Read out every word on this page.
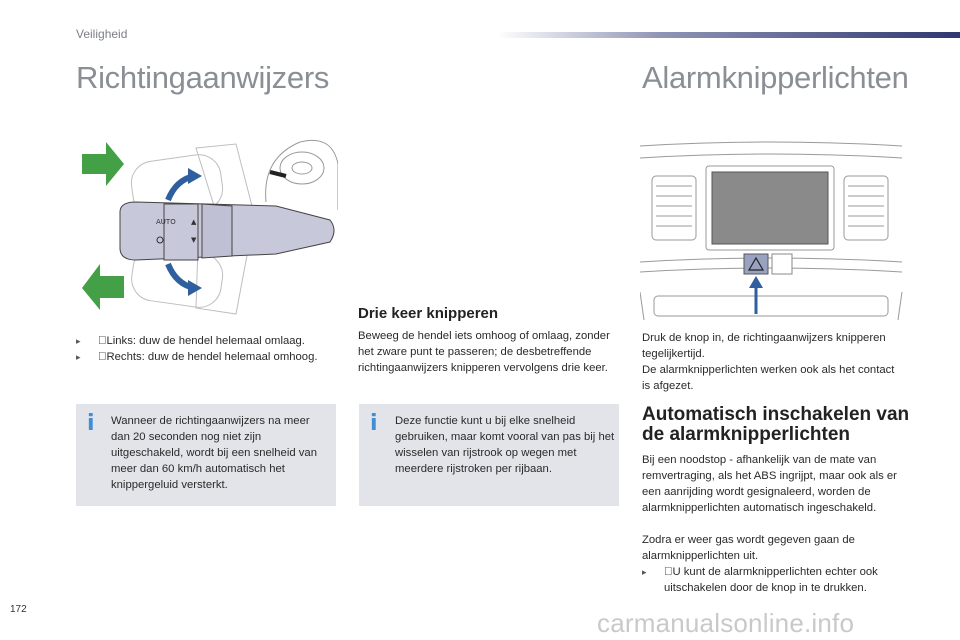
Veiligheid
Richtingaanwijzers	Alarmknipperlichten
AUTO ▲
▼
▸ Links: duw de hendel helemaal omlaag.
▸ Rechts: duw de hendel helemaal omhoog.
i Wanneer de richtingaanwijzers na meer dan 20 seconden nog niet zijn uitgeschakeld, wordt bij een snelheid van meer dan 60 km/h automatisch het knippergeluid versterkt.
Drie keer knipperen
Beweeg de hendel iets omhoog of omlaag, zonder het zware punt te passeren; de desbetreffende richtingaanwijzers knipperen vervolgens drie keer.
i Deze functie kunt u bij elke snelheid gebruiken, maar komt vooral van pas bij het wisselen van rijstrook op wegen met meerdere rijstroken per rijbaan.
Druk de knop in, de richtingaanwijzers knipperen tegelijkertijd.
De alarmknipperlichten werken ook als het contact is afgezet.
Automatisch inschakelen van de alarmknipperlichten
Bij een noodstop - afhankelijk van de mate van remvertraging, als het ABS ingrijpt, maar ook als er een aanrijding wordt gesignaleerd, worden de alarmknipperlichten automatisch ingeschakeld.
Zodra er weer gas wordt gegeven gaan de alarmknipperlichten uit.
▸ U kunt de alarmknipperlichten echter ook uitschakelen door de knop in te drukken.
172	carmanualsonline.info
